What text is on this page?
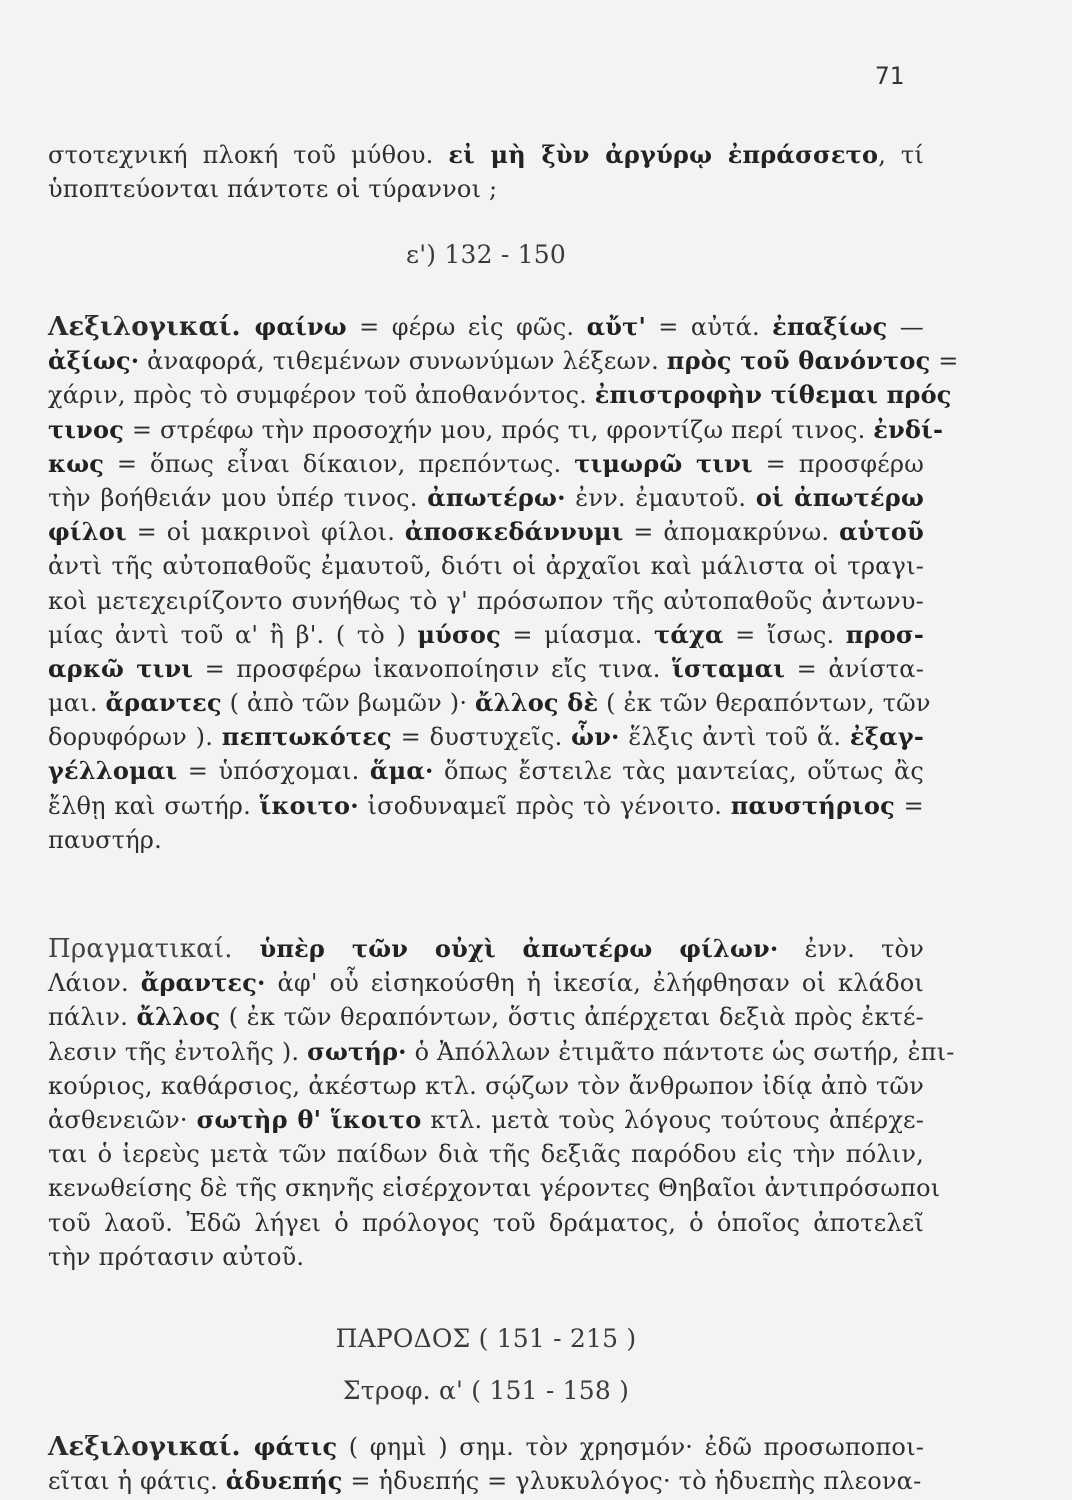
71
στοτεχνική πλοκή τοῦ μύθου. εἰ μὴ ξὺν ἀργύρῳ ἐπράσσετο, τί
ὑποπτεύονται πάντοτε οἱ τύραννοι ;
ε') 132 - 150
Λεξιλογικαί. φαίνω = φέρω εἰς φῶς. αὔτ' = αὐτά. ἐπαξίως —
ἀξίως· ἀναφορά, τιθεμένων συνωνύμων λέξεων. πρὸς τοῦ θανόντος =
χάριν, πρὸς τὸ συμφέρον τοῦ ἀποθανόντος. ἐπιστροφὴν τίθεμαι πρός
τινος = στρέφω τὴν προσοχήν μου, πρός τι, φροντίζω περί τινος. ἐνδί-
κως = ὅπως εἶναι δίκαιον, πρεπόντως. τιμωρῶ τινι = προσφέρω
τὴν βοήθειάν μου ὑπέρ τινος. ἀπωτέρω· ἐνν. ἐμαυτοῦ. οἱ ἀπωτέρω
φίλοι = οἱ μακρινοὶ φίλοι. ἀποσκεδάννυμι = ἀπομακρύνω. αὑτοῦ
ἀντὶ τῆς αὐτοπαθοῦς ἐμαυτοῦ, διότι οἱ ἀρχαῖοι καὶ μάλιστα οἱ τραγι-
κοὶ μετεχειρίζοντο συνήθως τὸ γ' πρόσωπον τῆς αὐτοπαθοῦς ἀντωνυ-
μίας ἀντὶ τοῦ α' ἢ β'. ( τὸ ) μύσος = μίασμα. τάχα = ἴσως. προσ-
αρκῶ τινι = προσφέρω ἱκανοποίησιν εἴς τινα. ἵσταμαι = ἀνίστα-
μαι. ἄραντες ( ἀπὸ τῶν βωμῶν )· ἄλλος δὲ ( ἐκ τῶν θεραπόντων, τῶν
δορυφόρων ). πεπτωκότες = δυστυχεῖς. ὧν· ἕλξις ἀντὶ τοῦ ἅ. ἐξαγ-
γέλλομαι = ὑπόσχομαι. ἅμα· ὅπως ἔστειλε τὰς μαντείας, οὕτως ἂς
ἔλθῃ καὶ σωτήρ. ἵκοιτο· ἰσοδυναμεῖ πρὸς τὸ γένοιτο. παυστήριος =
παυστήρ.
Πραγματικαί. ὑπὲρ τῶν οὐχὶ ἀπωτέρω φίλων· ἐνν. τὸν
Λάιον. ἄραντες· ἀφ' οὗ εἰσηκούσθη ἡ ἱκεσία, ἐλήφθησαν οἱ κλάδοι
πάλιν. ἄλλος ( ἐκ τῶν θεραπόντων, ὅστις ἀπέρχεται δεξιὰ πρὸς ἐκτέ-
λεσιν τῆς ἐντολῆς ). σωτήρ· ὁ Ἀπόλλων ἐτιμᾶτο πάντοτε ὡς σωτήρ, ἐπι-
κούριος, καθάρσιος, ἀκέστωρ κτλ. σῴζων τὸν ἄνθρωπον ἰδίᾳ ἀπὸ τῶν
ἀσθενειῶν· σωτὴρ θ' ἵκοιτο κτλ. μετὰ τοὺς λόγους τούτους ἀπέρχε-
ται ὁ ἱερεὺς μετὰ τῶν παίδων διὰ τῆς δεξιᾶς παρόδου εἰς τὴν πόλιν,
κενωθείσης δὲ τῆς σκηνῆς εἰσέρχονται γέροντες Θηβαῖοι ἀντιπρόσωποι
τοῦ λαοῦ. Ἐδῶ λήγει ὁ πρόλογος τοῦ δράματος, ὁ ὁποῖος ἀποτελεῖ
τὴν πρότασιν αὐτοῦ.
ΠΑΡΟΔΟΣ ( 151 - 215 )
Στροφ. α' ( 151 - 158 )
Λεξιλογικαί. φάτις ( φημὶ ) σημ. τὸν χρησμόν· ἐδῶ προσωποποι-
εῖται ἡ φάτις. ἁδυεπής = ἡδυεπής = γλυκυλόγος· τὸ ἡδυεπὴς πλεονα-
